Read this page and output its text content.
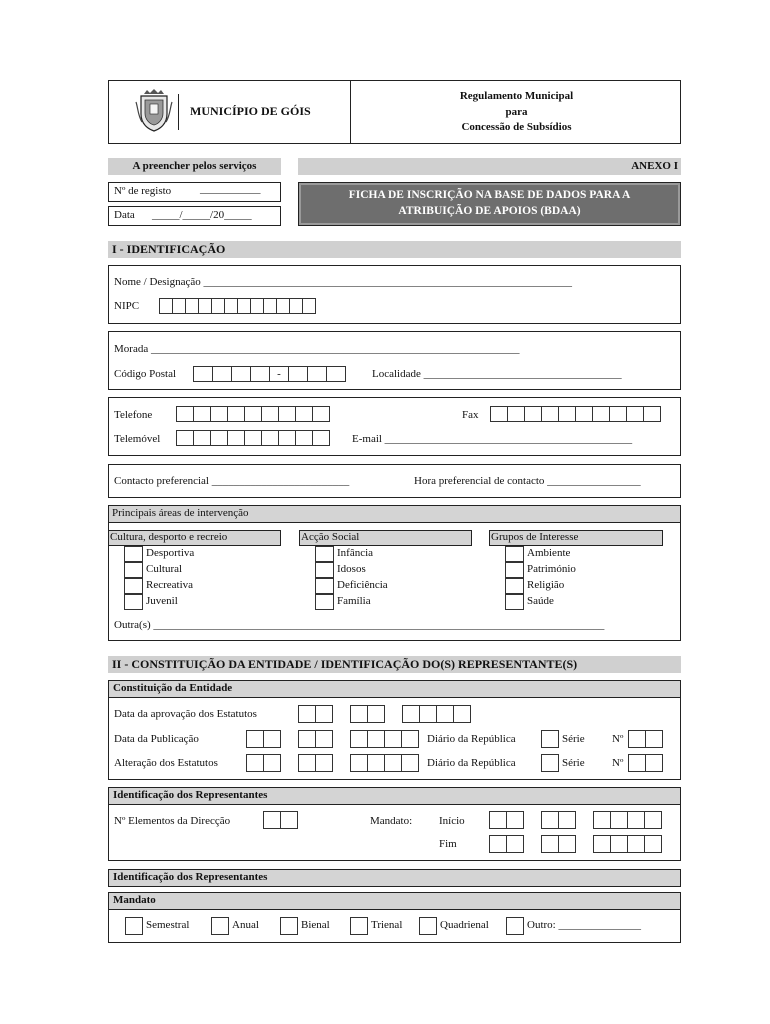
MUNICÍPIO DE GÓIS
Regulamento Municipal
para
Concessão de Subsídios
A preencher pelos serviços
Nº de registo	___________
Data _____/_____/20_____
ANEXO I
FICHA DE INSCRIÇÃO NA BASE DE DADOS PARA A
ATRIBUIÇÃO DE APOIOS (BDAA)
I - IDENTIFICAÇÃO
Nome / Designação ___________________________________________________________________
NIPC
Morada ___________________________________________________________________
Código Postal	-	Localidade ____________________________________
Telefone	Fax
Telemóvel	E-mail _____________________________________________
Contacto preferencial _________________________	Hora preferencial de contacto _________________
Principais áreas de intervenção
Cultura, desporto e recreio
Desportiva
Cultural
Recreativa
Juvenil
Acção Social
Infância
Idosos
Deficiência
Família
Grupos de Interesse
Ambiente
Património
Religião
Saúde
Outra(s) __________________________________________________________________________________
II - CONSTITUIÇÃO DA ENTIDADE / IDENTIFICAÇÃO DO(S) REPRESENTANTE(S)
Constituição da Entidade
Data da aprovação dos Estatutos
Data da Publicação	Diário da República	Série Nº
Alteração dos Estatutos	Diário da República	Série Nº
Identificação dos Representantes
Nº Elementos da Direcção	Mandato: Início
Fim
Identificação dos Representantes
Mandato
Semestral	Anual	Bienal	Trienal	Quadrienal	Outro: _______________
